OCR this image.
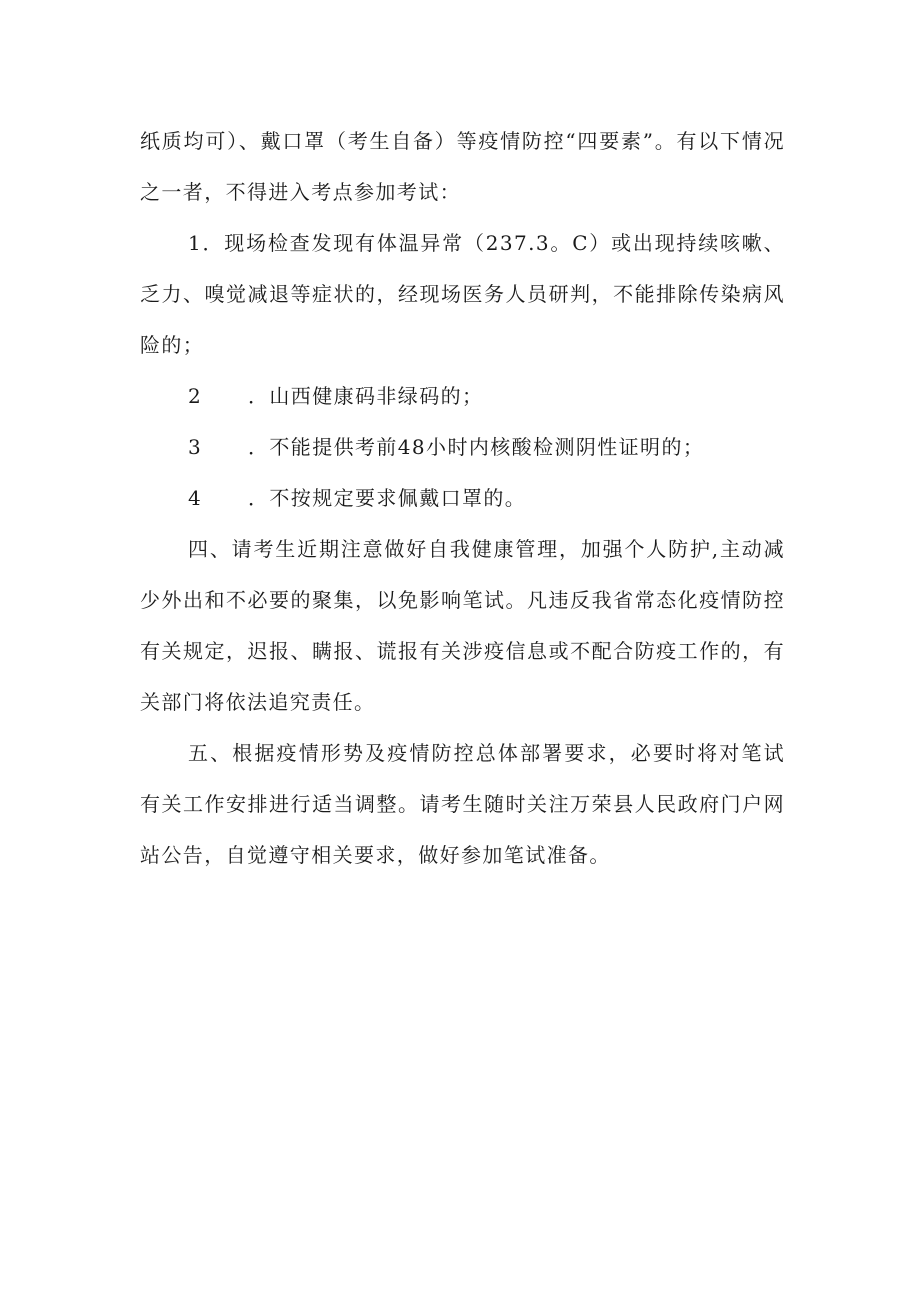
纸质均可）、戴口罩（考生自备）等疫情防控“四要素”。有以下情况之一者，不得进入考点参加考试：

1．现场检查发现有体温异常（237.3。C）或出现持续咳嗽、乏力、嗅觉减退等症状的，经现场医务人员研判，不能排除传染病风险的；

2	．山西健康码非绿码的；
3	．不能提供考前48小时内核酸检测阴性证明的；
4	．不按规定要求佩戴口罩的。

四、请考生近期注意做好自我健康管理，加强个人防护,主动减少外出和不必要的聚集，以免影响笔试。凡违反我省常态化疫情防控有关规定，迟报、瞒报、谎报有关涉疫信息或不配合防疫工作的，有关部门将依法追究责任。

五、根据疫情形势及疫情防控总体部署要求，必要时将对笔试有关工作安排进行适当调整。请考生随时关注万荣县人民政府门户网站公告，自觉遵守相关要求，做好参加笔试准备。
